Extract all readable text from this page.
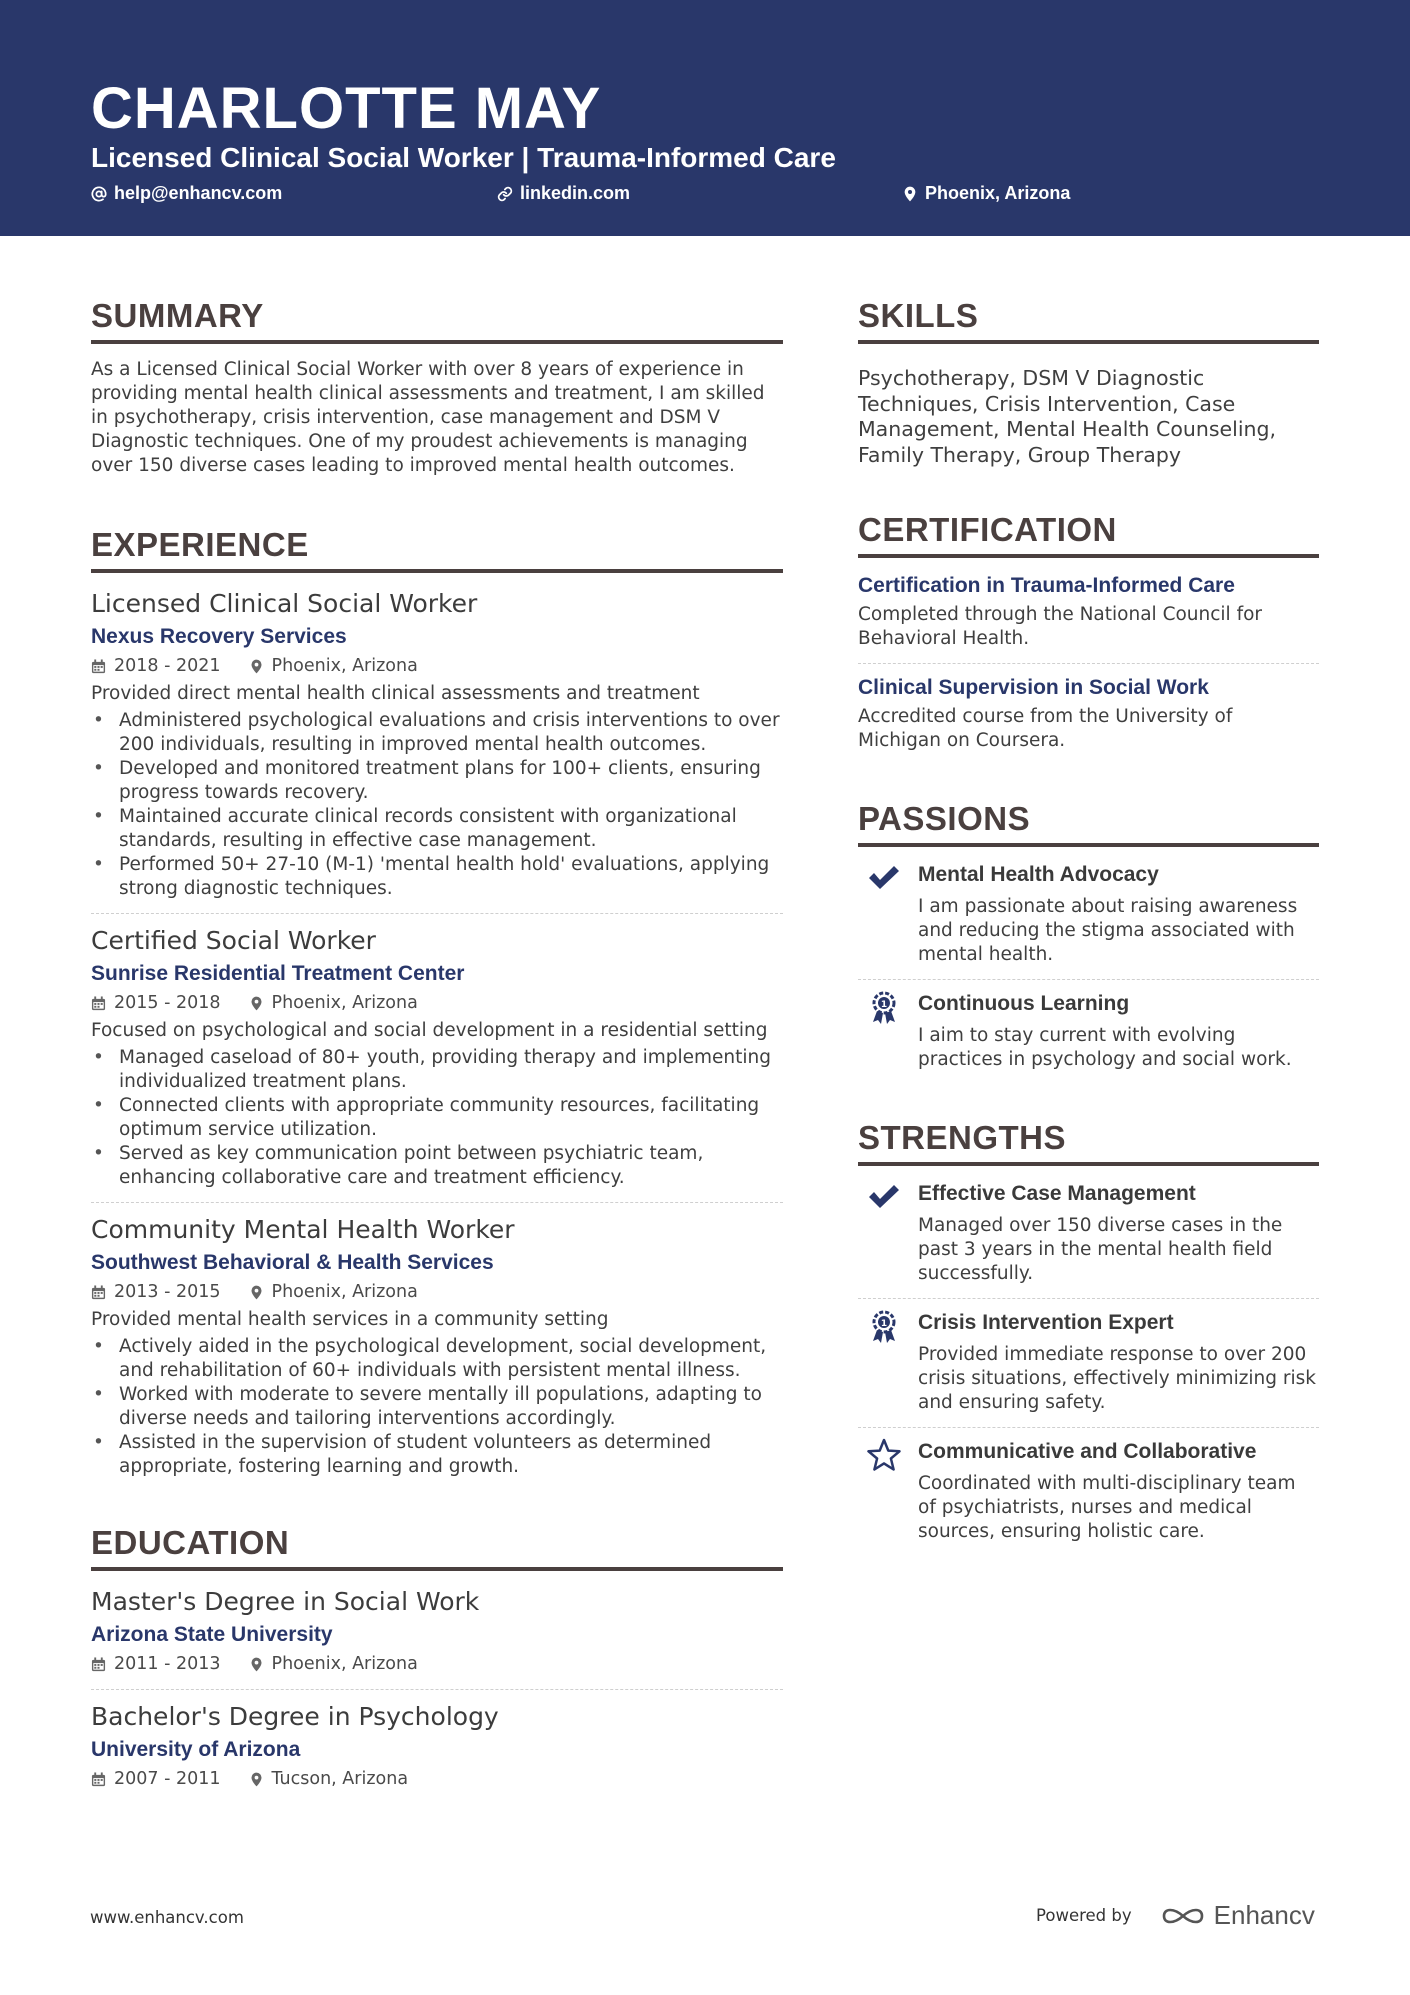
CHARLOTTE MAY
Licensed Clinical Social Worker | Trauma-Informed Care
help@enhancv.com	linkedin.com	Phoenix, Arizona
SUMMARY

As a Licensed Clinical Social Worker with over 8 years of experience in providing mental health clinical assessments and treatment, I am skilled in psychotherapy, crisis intervention, case management and DSM V Diagnostic techniques. One of my proudest achievements is managing over 150 diverse cases leading to improved mental health outcomes.

EXPERIENCE
Licensed Clinical Social Worker
Nexus Recovery Services
2018 - 2021	Phoenix, Arizona
Provided direct mental health clinical assessments and treatment
• Administered psychological evaluations and crisis interventions to over 200 individuals, resulting in improved mental health outcomes.
• Developed and monitored treatment plans for 100+ clients, ensuring progress towards recovery.
• Maintained accurate clinical records consistent with organizational standards, resulting in effective case management.
• Performed 50+ 27-10 (M-1) 'mental health hold' evaluations, applying strong diagnostic techniques.
Certified Social Worker
Sunrise Residential Treatment Center
2015 - 2018	Phoenix, Arizona
Focused on psychological and social development in a residential setting
• Managed caseload of 80+ youth, providing therapy and implementing individualized treatment plans.
• Connected clients with appropriate community resources, facilitating optimum service utilization.
• Served as key communication point between psychiatric team, enhancing collaborative care and treatment efficiency.
Community Mental Health Worker
Southwest Behavioral & Health Services
2013 - 2015	Phoenix, Arizona
Provided mental health services in a community setting
• Actively aided in the psychological development, social development, and rehabilitation of 60+ individuals with persistent mental illness.
• Worked with moderate to severe mentally ill populations, adapting to diverse needs and tailoring interventions accordingly.
• Assisted in the supervision of student volunteers as determined appropriate, fostering learning and growth.
EDUCATION
Master's Degree in Social Work
Arizona State University
2011 - 2013	Phoenix, Arizona
Bachelor's Degree in Psychology
University of Arizona
2007 - 2011	Tucson, Arizona
SKILLS

Psychotherapy, DSM V Diagnostic Techniques, Crisis Intervention, Case Management, Mental Health Counseling, Family Therapy, Group Therapy

CERTIFICATION
Certification in Trauma-Informed Care
Completed through the National Council for Behavioral Health.
Clinical Supervision in Social Work
Accredited course from the University of Michigan on Coursera.
PASSIONS
Mental Health Advocacy
I am passionate about raising awareness and reducing the stigma associated with mental health.
1 Continuous Learning
I aim to stay current with evolving practices in psychology and social work.
STRENGTHS
Effective Case Management
Managed over 150 diverse cases in the past 3 years in the mental health field successfully.
1 Crisis Intervention Expert
Provided immediate response to over 200 crisis situations, effectively minimizing risk and ensuring safety.
Communicative and Collaborative
Coordinated with multi-disciplinary team of psychiatrists, nurses and medical sources, ensuring holistic care.
www.enhancv.com	Powered by	Enhancv
